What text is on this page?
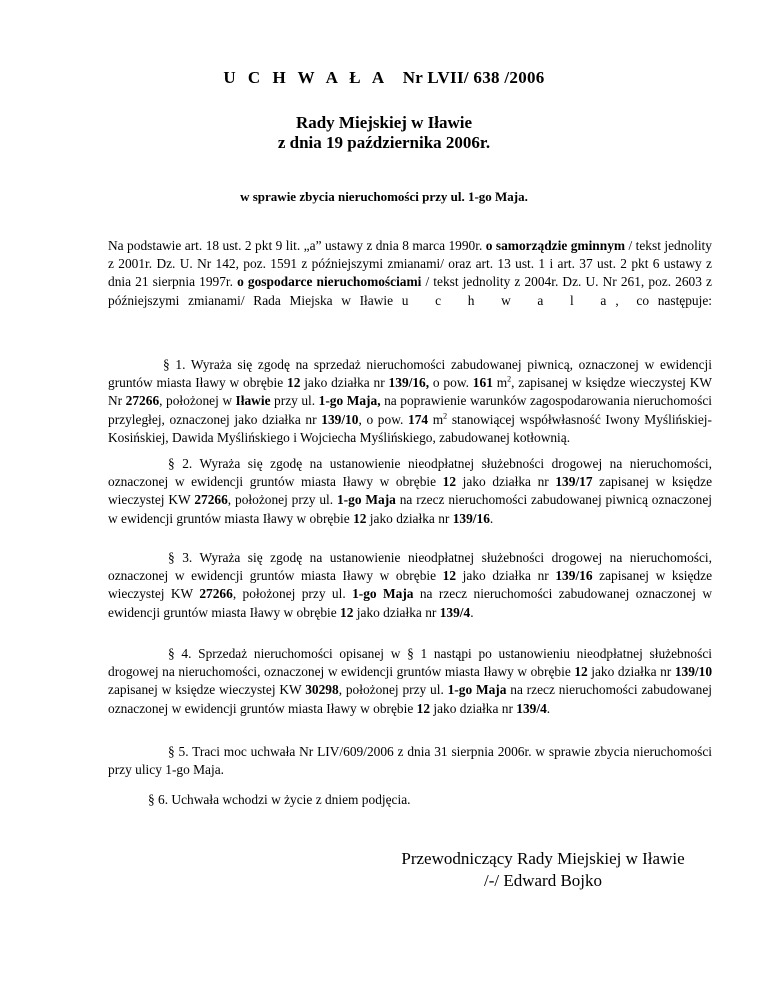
U C H W A Ł A Nr LVII/ 638 /2006
Rady Miejskiej w Iławie
z dnia 19 października 2006r.
w sprawie zbycia nieruchomości przy ul. 1-go Maja.
Na podstawie art. 18 ust. 2 pkt 9 lit. „a” ustawy z dnia 8 marca 1990r. o samorządzie gminnym / tekst jednolity z 2001r. Dz. U. Nr 142, poz. 1591 z późniejszymi zmianami/ oraz art. 13 ust. 1 i art. 37 ust. 2 pkt 6 ustawy z dnia 21 sierpnia 1997r. o gospodarce nieruchomościami / tekst jednolity z 2004r. Dz. U. Nr 261, poz. 2603 z późniejszymi zmianami/ Rada Miejska w Iławie u c h w a l a, co następuje:
§ 1. Wyraża się zgodę na sprzedaż nieruchomości zabudowanej piwnicą, oznaczonej w ewidencji gruntów miasta Iławy w obrębie 12 jako działka nr 139/16, o pow. 161 $m^2$, zapisanej w księdze wieczystej KW Nr 27266, położonej w Iławie przy ul. 1-go Maja, na poprawienie warunków zagospodarowania nieruchomości przyległej, oznaczonej jako działka nr 139/10, o pow. 174 $m^2$ stanowiącej współwłasność Iwony Myślińskiej-Kosińskiej, Dawida Myślińskiego i Wojciecha Myślińskiego, zabudowanej kotłownią.
§ 2. Wyraża się zgodę na ustanowienie nieodpłatnej służebności drogowej na nieruchomości, oznaczonej w ewidencji gruntów miasta Iławy w obrębie 12 jako działka nr 139/17 zapisanej w księdze wieczystej KW 27266, położonej przy ul. 1-go Maja na rzecz nieruchomości zabudowanej piwnicą oznaczonej w ewidencji gruntów miasta Iławy w obrębie 12 jako działka nr 139/16.
§ 3. Wyraża się zgodę na ustanowienie nieodpłatnej służebności drogowej na nieruchomości, oznaczonej w ewidencji gruntów miasta Iławy w obrębie 12 jako działka nr 139/16 zapisanej w księdze wieczystej KW 27266, położonej przy ul. 1-go Maja na rzecz nieruchomości zabudowanej oznaczonej w ewidencji gruntów miasta Iławy w obrębie 12 jako działka nr 139/4.
§ 4. Sprzedaż nieruchomości opisanej w § 1 nastąpi po ustanowieniu nieodpłatnej służebności drogowej na nieruchomości, oznaczonej w ewidencji gruntów miasta Iławy w obrębie 12 jako działka nr 139/10 zapisanej w księdze wieczystej KW 30298, położonej przy ul. 1-go Maja na rzecz nieruchomości zabudowanej oznaczonej w ewidencji gruntów miasta Iławy w obrębie 12 jako działka nr 139/4.
§ 5. Traci moc uchwała Nr LIV/609/2006 z dnia 31 sierpnia 2006r. w sprawie zbycia nieruchomości przy ulicy 1-go Maja.
§ 6. Uchwała wchodzi w życie z dniem podjęcia.
Przewodniczący Rady Miejskiej w Iławie
/-/ Edward Bojko
